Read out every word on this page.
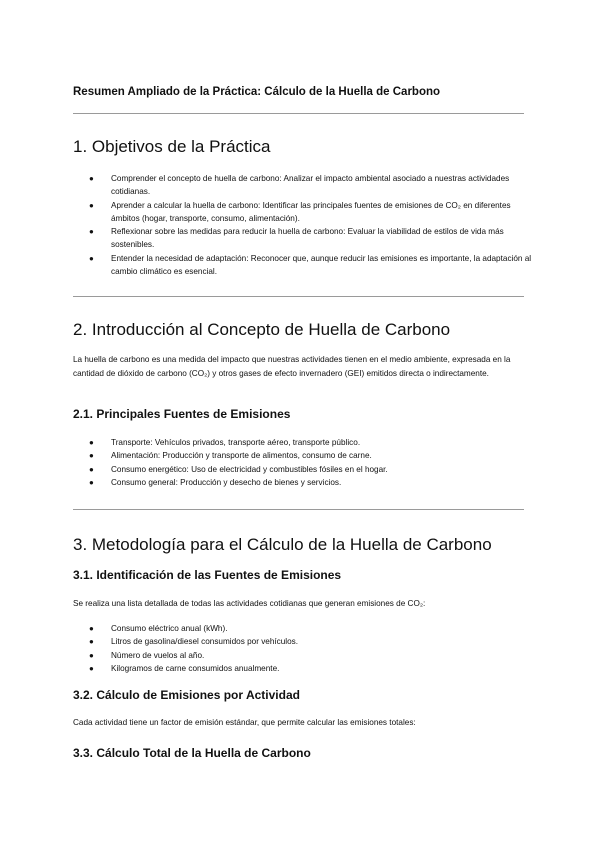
Resumen Ampliado de la Práctica: Cálculo de la Huella de Carbono
1. Objetivos de la Práctica
● Comprender el concepto de huella de carbono: Analizar el impacto ambiental asociado a nuestras actividades cotidianas.
● Aprender a calcular la huella de carbono: Identificar las principales fuentes de emisiones de CO₂ en diferentes ámbitos (hogar, transporte, consumo, alimentación).
● Reflexionar sobre las medidas para reducir la huella de carbono: Evaluar la viabilidad de estilos de vida más sostenibles.
● Entender la necesidad de adaptación: Reconocer que, aunque reducir las emisiones es importante, la adaptación al cambio climático es esencial.
2. Introducción al Concepto de Huella de Carbono

La huella de carbono es una medida del impacto que nuestras actividades tienen en el medio ambiente, expresada en la cantidad de dióxido de carbono (CO₂) y otros gases de efecto invernadero (GEI) emitidos directa o indirectamente.

2.1. Principales Fuentes de Emisiones
● Transporte: Vehículos privados, transporte aéreo, transporte público.
● Alimentación: Producción y transporte de alimentos, consumo de carne.
● Consumo energético: Uso de electricidad y combustibles fósiles en el hogar.
● Consumo general: Producción y desecho de bienes y servicios.
3. Metodología para el Cálculo de la Huella de Carbono
3.1. Identificación de las Fuentes de Emisiones

Se realiza una lista detallada de todas las actividades cotidianas que generan emisiones de CO₂:

● Consumo eléctrico anual (kWh).
● Litros de gasolina/diesel consumidos por vehículos.
● Número de vuelos al año.
● Kilogramos de carne consumidos anualmente.
3.2. Cálculo de Emisiones por Actividad

Cada actividad tiene un factor de emisión estándar, que permite calcular las emisiones totales:

3.3. Cálculo Total de la Huella de Carbono
